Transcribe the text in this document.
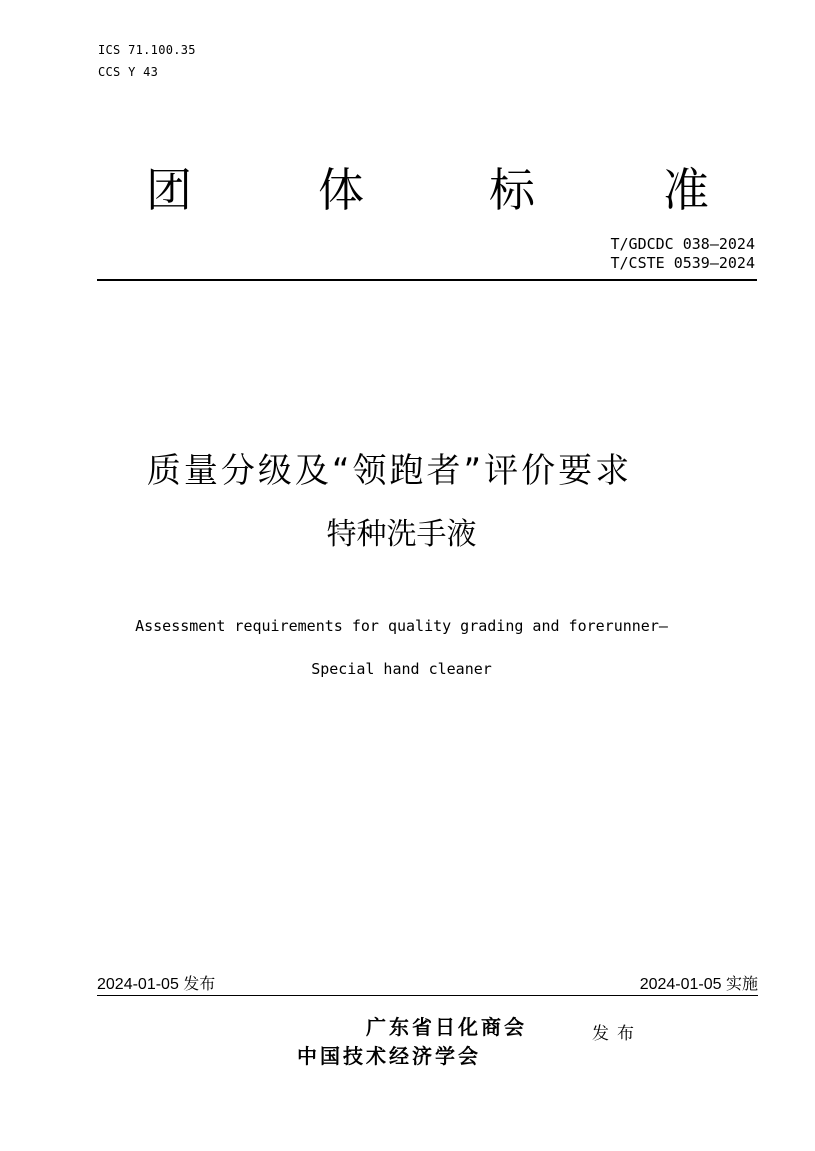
ICS 71.100.35
CCS Y 43
团	体	标	准
T/GDCDC 038—2024
T/CSTE 0539—2024
质量分级及“领跑者”评价要求
特种洗手液
Assessment requirements for quality grading and forerunner—
Special hand cleaner
2024-01-05 发布	2024-01-05 实施
广东省日化商会
中国技术经济学会
发布
